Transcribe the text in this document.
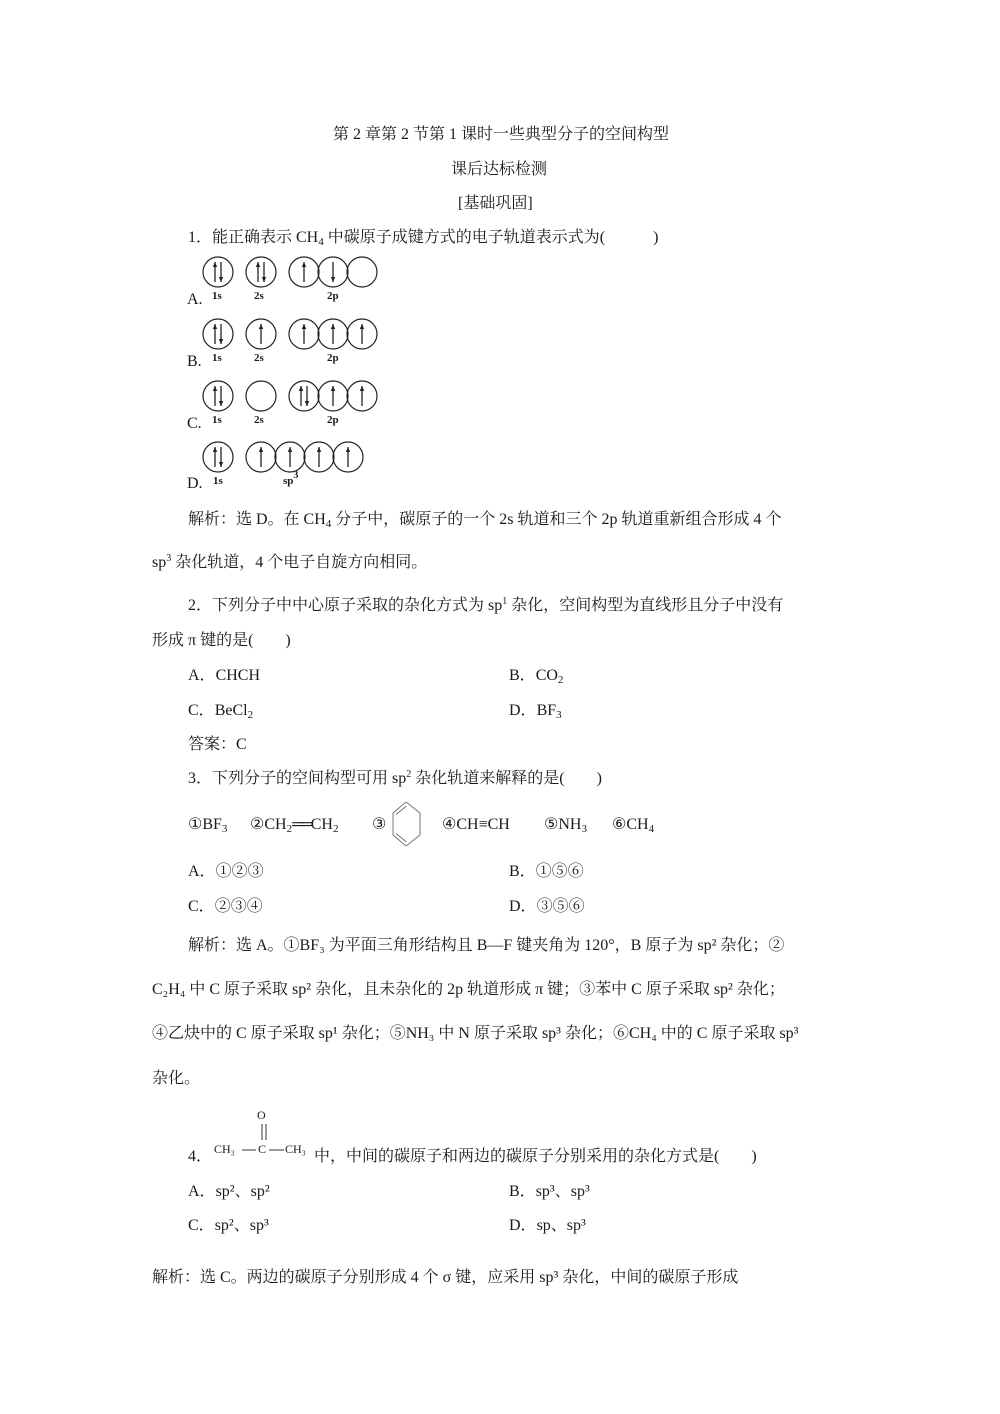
第 2 章第 2 节第 1 课时一些典型分子的空间构型
课后达标检测
[基础巩固]
1．能正确表示 $CH_4$ 中碳原子成键方式的电子轨道表示式为(　　　)
A. 1s	2s	2p
B. 1s	2s	2p
C. 1s	2s	2p
D. 1s	$sp^3$
解析：选 D。在 $CH_4$ 分子中，碳原子的一个 2s 轨道和三个 2p 轨道重新组合形成 4 个
$sp^3$ 杂化轨道，4 个电子自旋方向相同。
2．下列分子中中心原子采取的杂化方式为 $sp^1$ 杂化，空间构型为直线形且分子中没有
形成 π 键的是(　　)
A．CHCH	B．$CO_2$
C．BeCl$_2$	D．$BF_3$
答案：C
3．下列分子的空间构型可用 $sp^2$ 杂化轨道来解释的是(　　)
$①BF_3$ $②CH_2══CH_2$ ③	④CH≡CH $⑤NH_3$ $⑥CH_4$
A．①②③	B．①⑤⑥
C．②③④	D．③⑤⑥
解析：选 A。①BF₃ 为平面三角形结构且 B—F 键夹角为 120°，B 原子为 sp² 杂化；②
C₂H₄ 中 C 原子采取 sp² 杂化，且未杂化的 2p 轨道形成 π 键；③苯中 C 原子采取 sp² 杂化；
④乙炔中的 C 原子采取 sp¹ 杂化；⑤NH₃ 中 N 原子采取 sp³ 杂化；⑥CH₄ 中的 C 原子采取 sp³
杂化。
4．
O
CH₃ C CH₃ 中，中间的碳原子和两边的碳原子分别采用的杂化方式是(　　)
A．sp²、sp²	B．sp³、sp³
C．sp²、sp³	D．sp、sp³
解析：选 C。两边的碳原子分别形成 4 个 σ 键，应采用 sp³ 杂化，中间的碳原子形成
